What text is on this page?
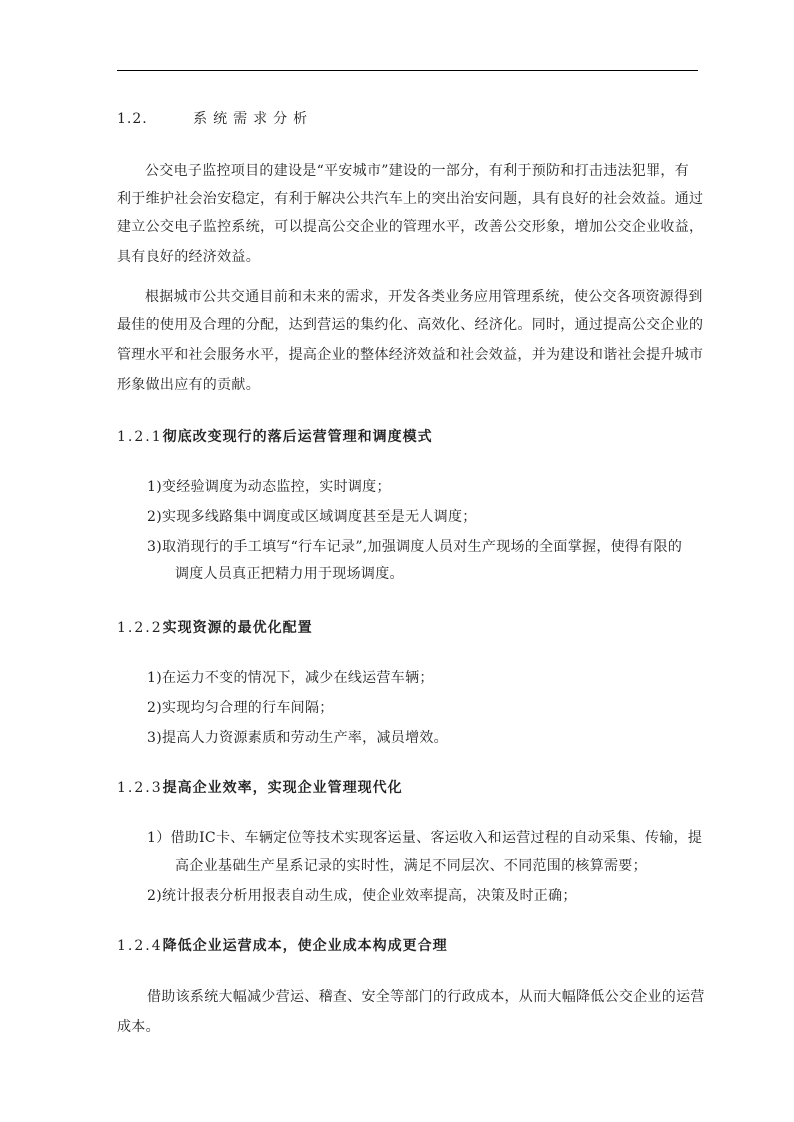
1.2.	系统需求分析
公交电子监控项目的建设是“平安城市”建设的一部分，有利于预防和打击违法犯罪，有
利于维护社会治安稳定，有利于解决公共汽车上的突出治安问题，具有良好的社会效益。通过
建立公交电子监控系统，可以提高公交企业的管理水平，改善公交形象，增加公交企业收益，
具有良好的经济效益。
根据城市公共交通目前和未来的需求，开发各类业务应用管理系统，使公交各项资源得到
最佳的使用及合理的分配，达到营运的集约化、高效化、经济化。同时，通过提高公交企业的
管理水平和社会服务水平，提高企业的整体经济效益和社会效益，并为建设和谐社会提升城市
形象做出应有的贡献。
1.2.1彻底改变现行的落后运营管理和调度模式
1)变经验调度为动态监控，实时调度；
2)实现多线路集中调度或区域调度甚至是无人调度；
3)取消现行的手工填写“行车记录”,加强调度人员对生产现场的全面掌握，使得有限的
调度人员真正把精力用于现场调度。
1.2.2实现资源的最优化配置
1)在运力不变的情况下，减少在线运营车辆；
2)实现均匀合理的行车间隔；
3)提高人力资源素质和劳动生产率，减员增效。
1.2.3提高企业效率，实现企业管理现代化
1）借助IC卡、车辆定位等技术实现客运量、客运收入和运营过程的自动采集、传输，提
高企业基础生产星系记录的实时性，满足不同层次、不同范围的核算需要；
2)统计报表分析用报表自动生成，使企业效率提高，决策及时正确；
1.2.4降低企业运营成本，使企业成本构成更合理
借助该系统大幅减少营运、稽查、安全等部门的行政成本，从而大幅降低公交企业的运营
成本。
